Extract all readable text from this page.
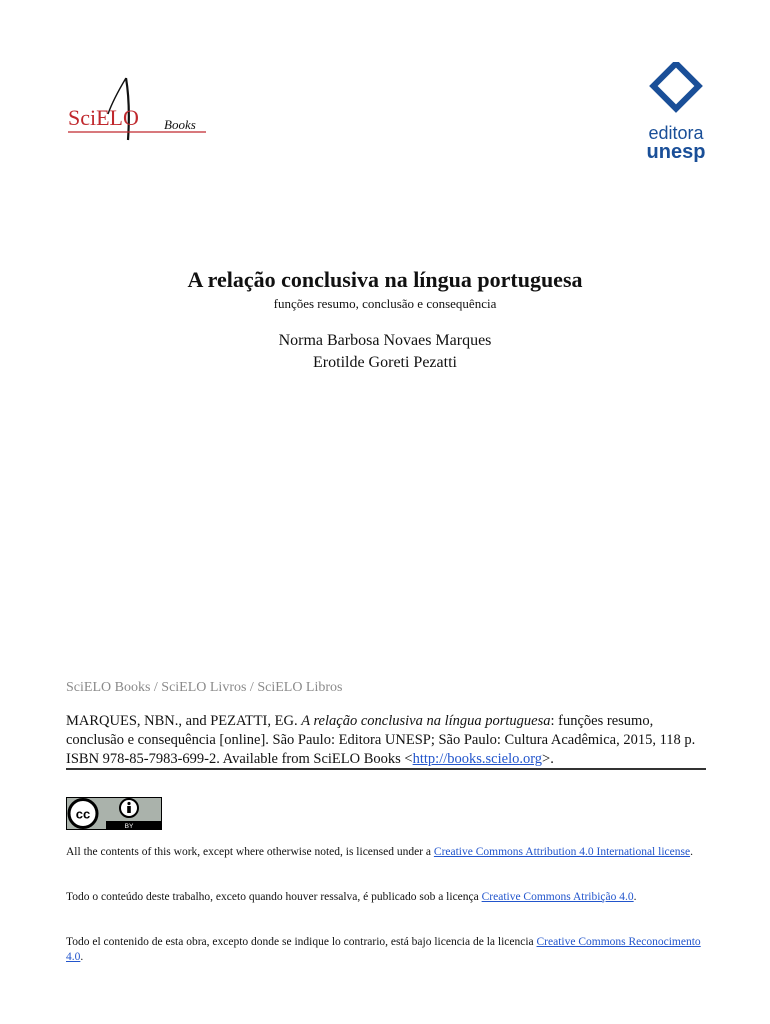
SciELO Books	editora
unesp
A relação conclusiva na língua portuguesa

funções resumo, conclusão e consequência

Norma Barbosa Novaes Marques
Erotilde Goreti Pezatti
SciELO Books / SciELO Livros / SciELO Libros
MARQUES, NBN., and PEZATTI, EG. A relação conclusiva na língua portuguesa: funções resumo, conclusão e consequência [online]. São Paulo: Editora UNESP; São Paulo: Cultura Acadêmica, 2015, 118 p. ISBN 978-85-7983-699-2. Available from SciELO Books <http://books.scielo.org>.
cc
BY
All the contents of this work, except where otherwise noted, is licensed under a Creative Commons Attribution 4.0 International license.
Todo o conteúdo deste trabalho, exceto quando houver ressalva, é publicado sob a licença Creative Commons Atribição 4.0.
Todo el contenido de esta obra, excepto donde se indique lo contrario, está bajo licencia de la licencia Creative Commons Reconocimento 4.0.
